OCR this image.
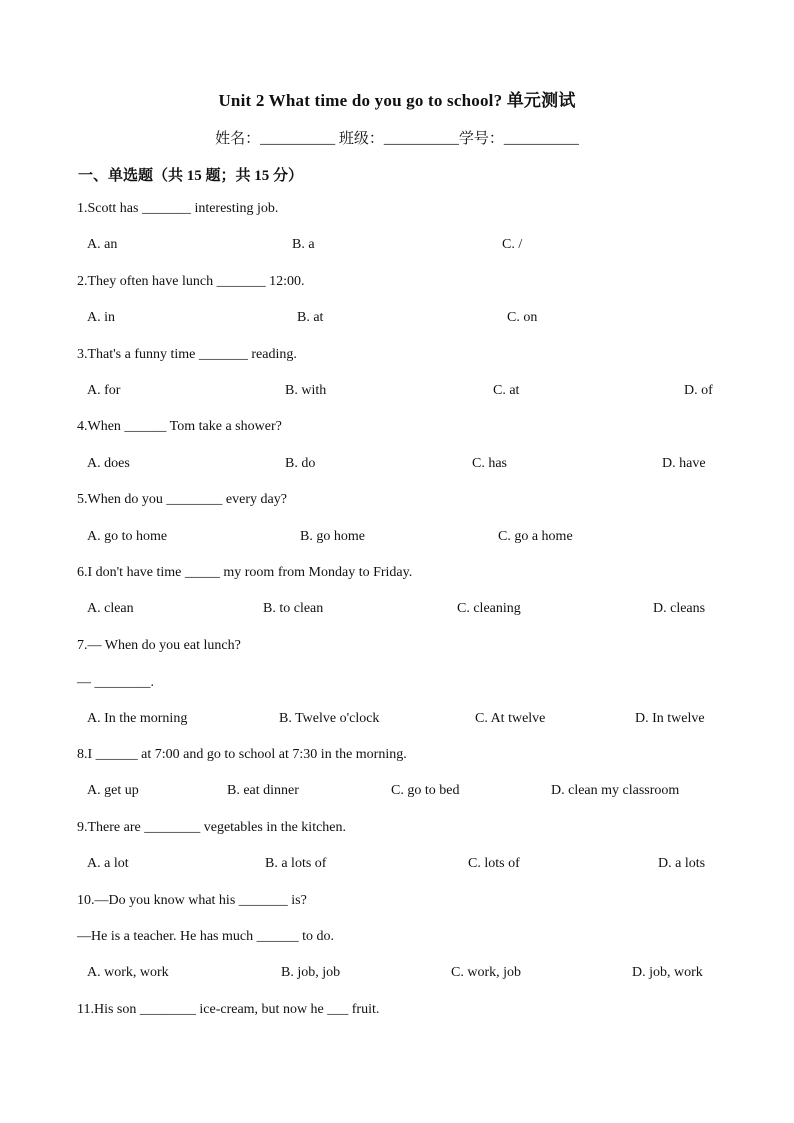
Unit 2 What time do you go to school? 单元测试
姓名：__________ 班级：__________学号：__________
一、单选题（共 15 题；共 15 分）
1.Scott has _______ interesting job.
A. an	B. a	C. /
2.They often have lunch _______ 12:00.
A. in	B. at	C. on
3.That's a funny time _______ reading.
A. for	B. with	C. at	D. of
4.When ______ Tom take a shower?
A. does	B. do	C. has	D. have
5.When do you ________ every day?
A. go to home	B. go home	C. go a home
6.I don't have time _____ my room from Monday to Friday.
A. clean	B. to clean	C. cleaning	D. cleans
7.— When do you eat lunch?
— ________.
A. In the morning	B. Twelve o'clock	C. At twelve	D. In twelve
8.I ______ at 7:00 and go to school at 7:30 in the morning.
A. get up	B. eat dinner	C. go to bed	D. clean my classroom
9.There are ________ vegetables in the kitchen.
A. a lot	B. a lots of	C. lots of	D. a lots
10.—Do you know what his _______ is?
—He is a teacher. He has much ______ to do.
A. work, work	B. job, job	C. work, job	D. job, work
11.His son ________ ice-cream, but now he ___ fruit.
